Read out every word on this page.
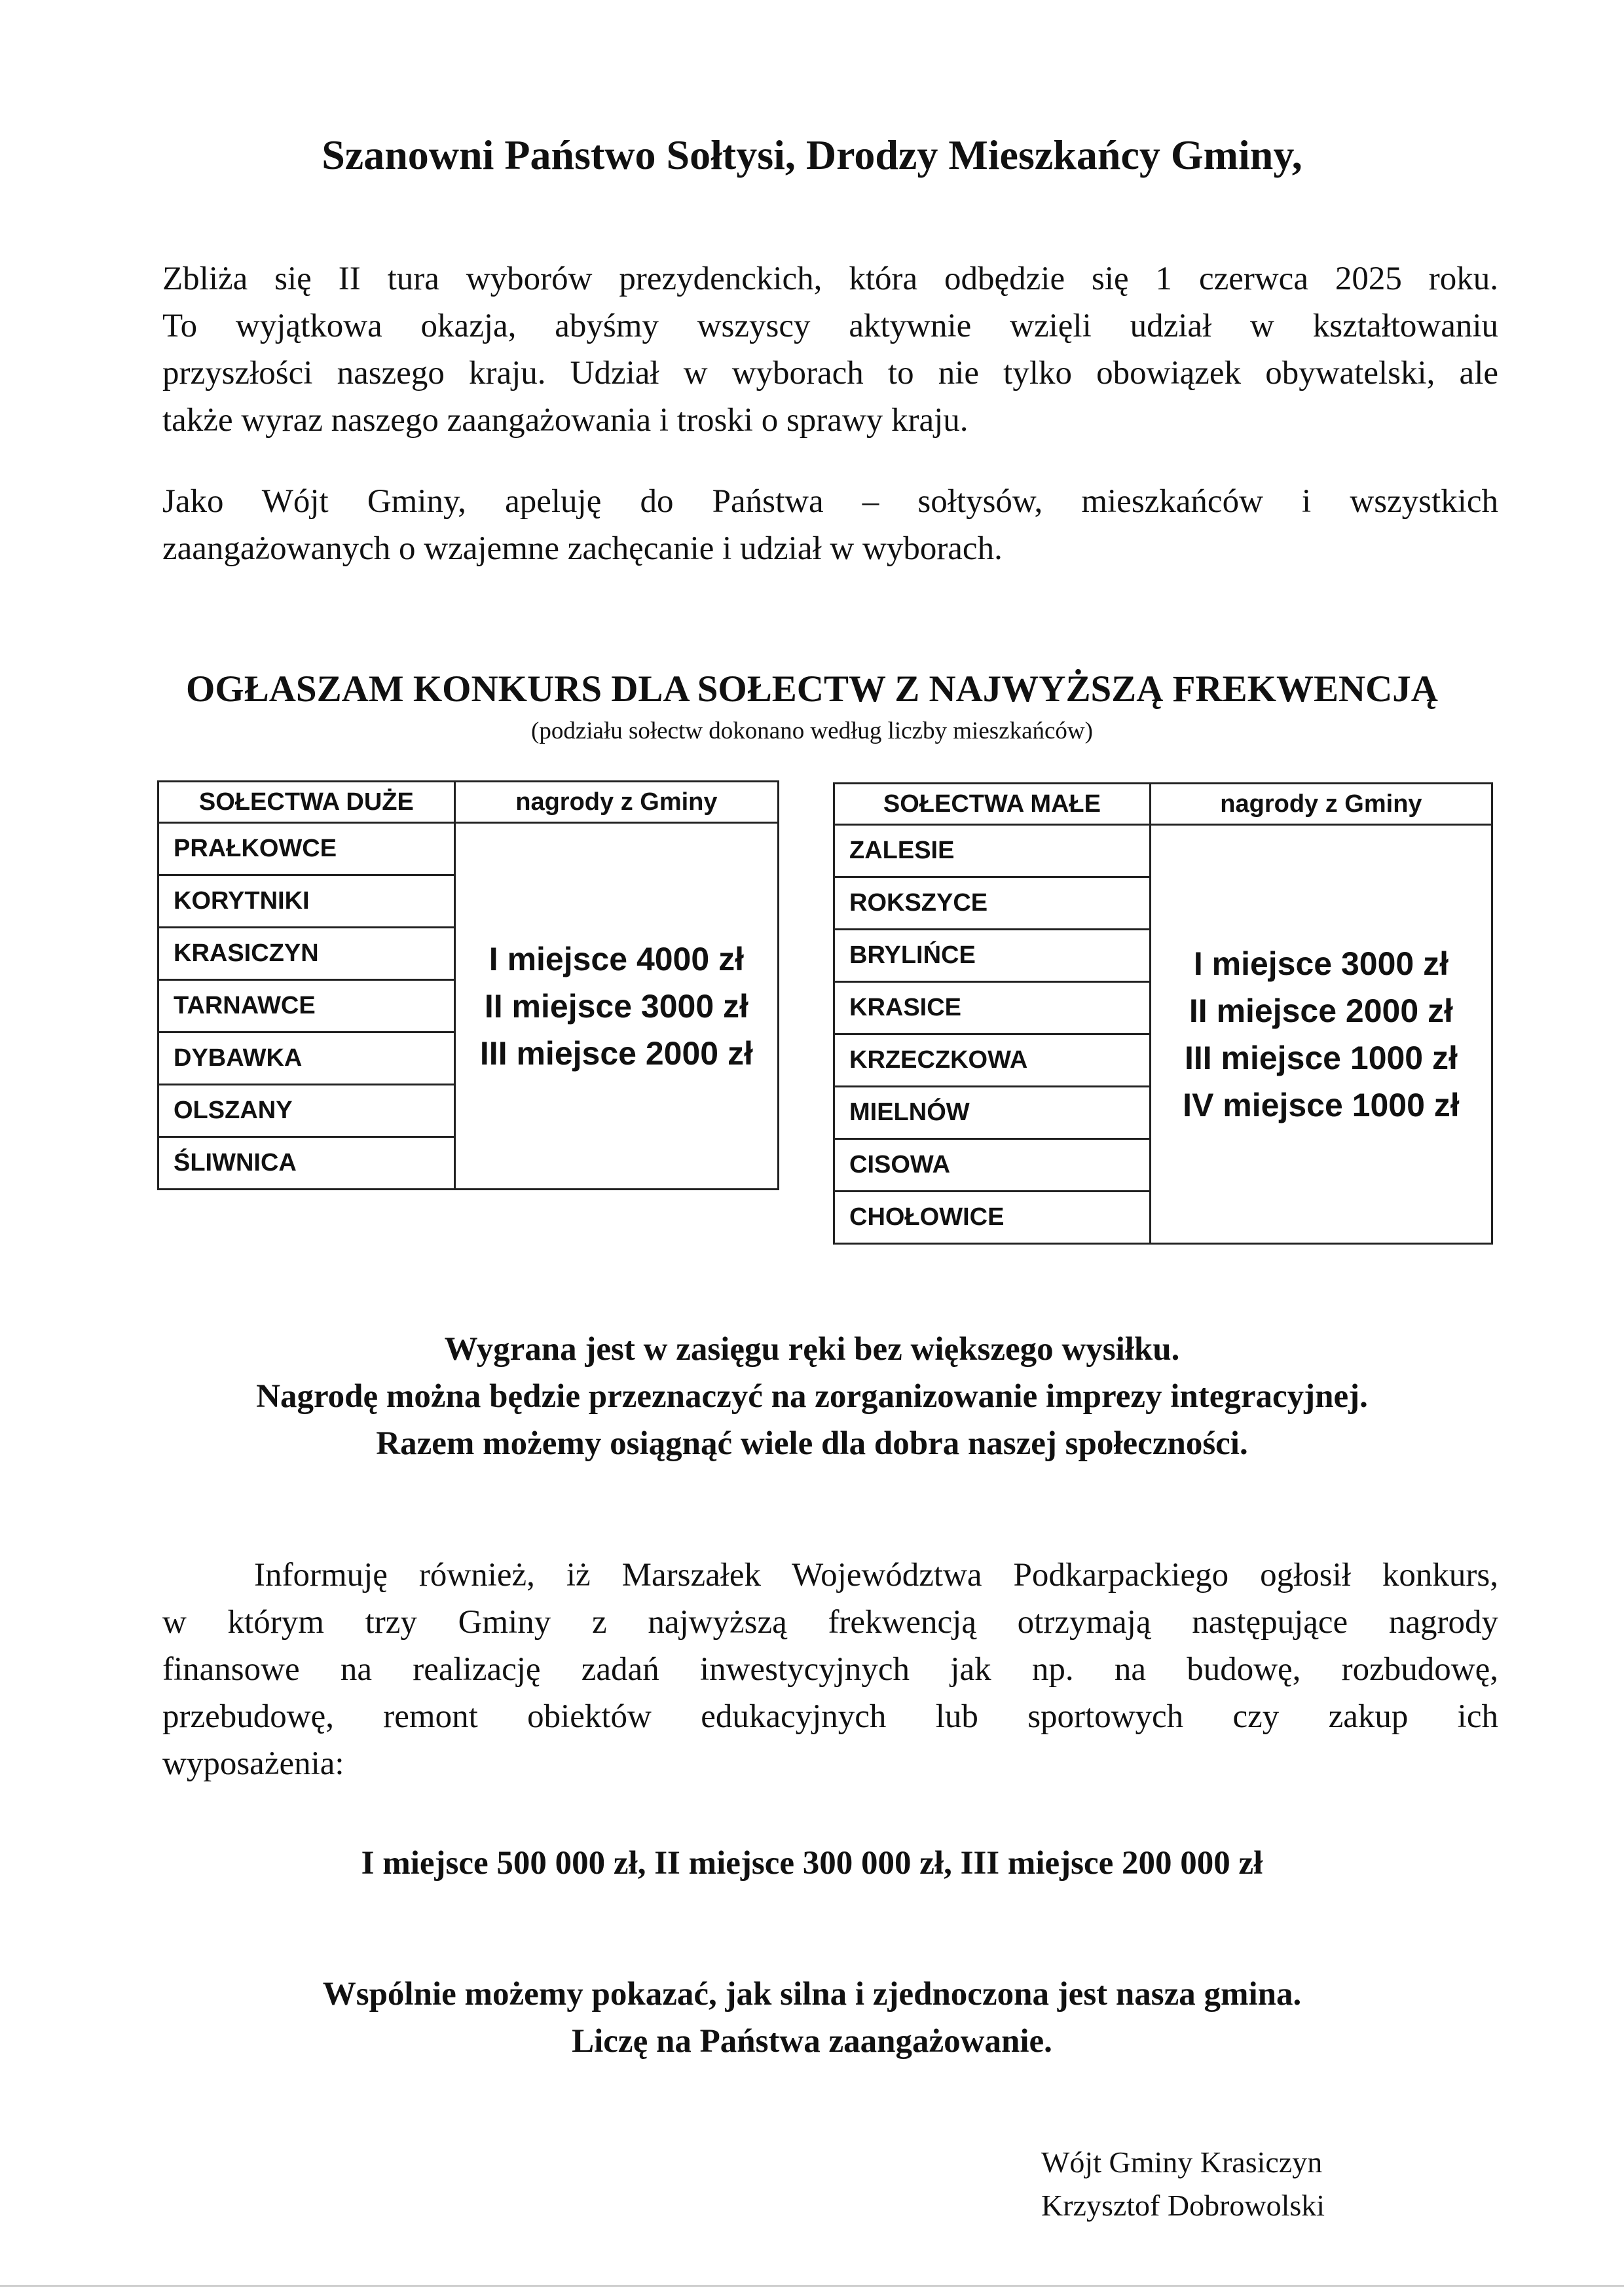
Szanowni Państwo Sołtysi, Drodzy Mieszkańcy Gminy,
Zbliża się II tura wyborów prezydenckich, która odbędzie się 1 czerwca 2025 roku.
To wyjątkowa okazja, abyśmy wszyscy aktywnie wzięli udział w kształtowaniu
przyszłości naszego kraju. Udział w wyborach to nie tylko obowiązek obywatelski, ale
także wyraz naszego zaangażowania i troski o sprawy kraju.
Jako Wójt Gminy, apeluję do Państwa – sołtysów, mieszkańców i wszystkich
zaangażowanych o wzajemne zachęcanie i udział w wyborach.
OGŁASZAM KONKURS DLA SOŁECTW Z NAJWYŻSZĄ FREKWENCJĄ
(podziału sołectw dokonano według liczby mieszkańców)
SOŁECTWA DUŻE	nagrody z Gminy
PRAŁKOWCE	I miejsce 4000 zł
II miejsce 3000 zł
III miejsce 2000 zł

KORYTNIKI	
KRASICZYN	
TARNAWCE	
DYBAWKA	
OLSZANY	
ŚLIWNICA	
SOŁECTWA MAŁE	nagrody z Gminy
ZALESIE	I miejsce 3000 zł
II miejsce 2000 zł
III miejsce 1000 zł
IV miejsce 1000 zł

ROKSZYCE	
BRYLIŃCE	
KRASICE	
KRZECZKOWA	
MIELNÓW	
CISOWA	
CHOŁOWICE	
Wygrana jest w zasięgu ręki bez większego wysiłku.
Nagrodę można będzie przeznaczyć na zorganizowanie imprezy integracyjnej.
Razem możemy osiągnąć wiele dla dobra naszej społeczności.
Informuję również, iż Marszałek Województwa Podkarpackiego ogłosił konkurs,
w którym trzy Gminy z najwyższą frekwencją otrzymają następujące nagrody
finansowe na realizację zadań inwestycyjnych jak np. na budowę, rozbudowę,
przebudowę, remont obiektów edukacyjnych lub sportowych czy zakup ich
wyposażenia:
I miejsce 500 000 zł, II miejsce 300 000 zł, III miejsce 200 000 zł
Wspólnie możemy pokazać, jak silna i zjednoczona jest nasza gmina.
Liczę na Państwa zaangażowanie.
Wójt Gminy Krasiczyn
Krzysztof Dobrowolski
